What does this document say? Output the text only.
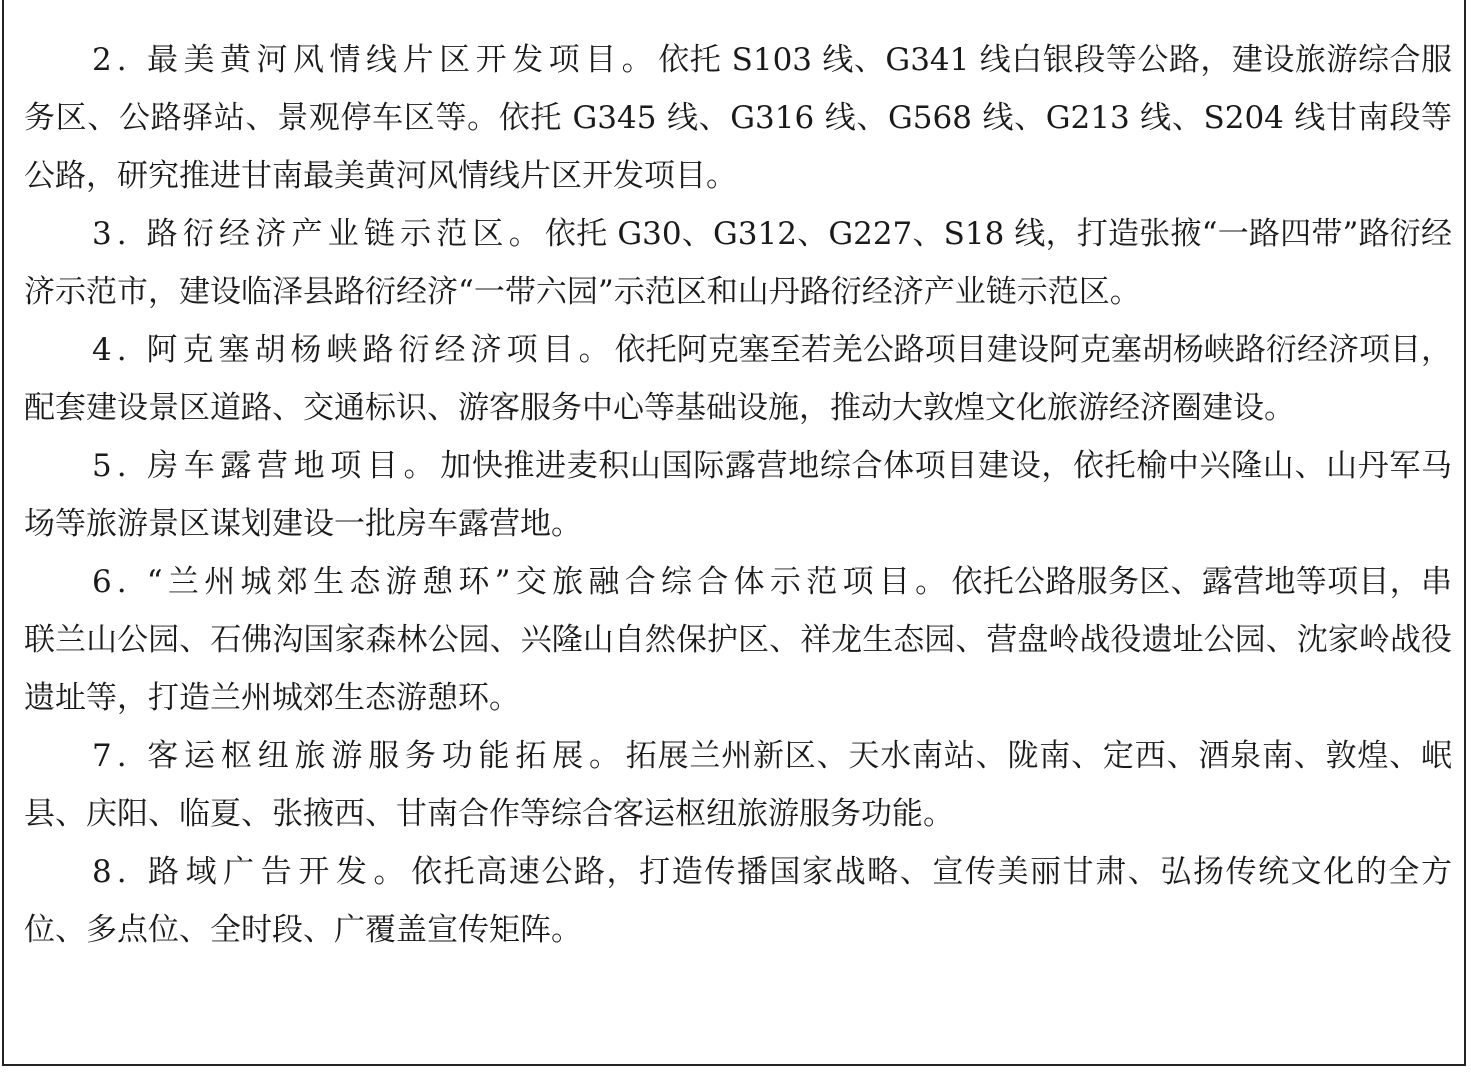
2. 最美黄河风情线片区开发项目。依托 S103 线、G341 线白银段等公路，建设旅游综合服务区、公路驿站、景观停车区等。依托 G345 线、G316 线、G568 线、G213 线、S204 线甘南段等公路，研究推进甘南最美黄河风情线片区开发项目。

3. 路衍经济产业链示范区。依托 G30、G312、G227、S18 线，打造张掖“一路四带”路衍经济示范市，建设临泽县路衍经济“一带六园”示范区和山丹路衍经济产业链示范区。

4. 阿克塞胡杨峡路衍经济项目。依托阿克塞至若羌公路项目建设阿克塞胡杨峡路衍经济项目，配套建设景区道路、交通标识、游客服务中心等基础设施，推动大敦煌文化旅游经济圈建设。

5. 房车露营地项目。加快推进麦积山国际露营地综合体项目建设，依托榆中兴隆山、山丹军马场等旅游景区谋划建设一批房车露营地。

6. “兰州城郊生态游憩环”交旅融合综合体示范项目。依托公路服务区、露营地等项目，串联兰山公园、石佛沟国家森林公园、兴隆山自然保护区、祥龙生态园、营盘岭战役遗址公园、沈家岭战役遗址等，打造兰州城郊生态游憩环。

7. 客运枢纽旅游服务功能拓展。拓展兰州新区、天水南站、陇南、定西、酒泉南、敦煌、岷县、庆阳、临夏、张掖西、甘南合作等综合客运枢纽旅游服务功能。

8. 路域广告开发。依托高速公路，打造传播国家战略、宣传美丽甘肃、弘扬传统文化的全方位、多点位、全时段、广覆盖宣传矩阵。
